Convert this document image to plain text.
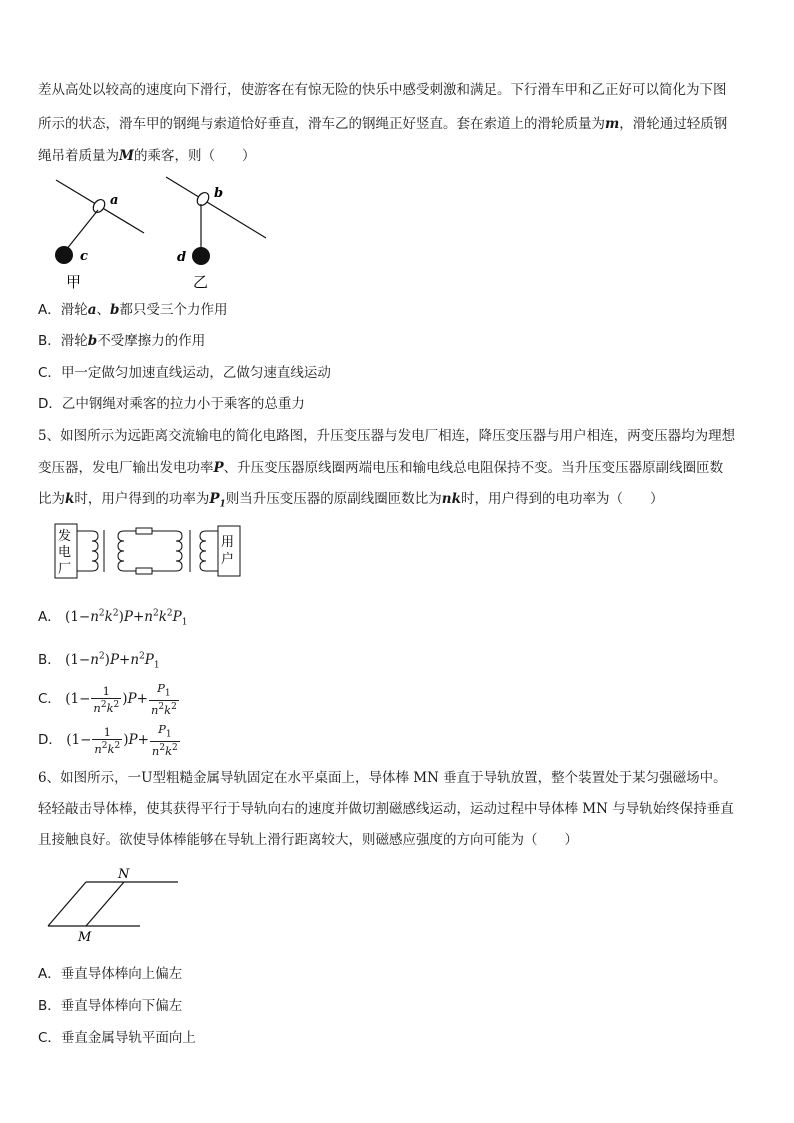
差从高处以较高的速度向下滑行，使游客在有惊无险的快乐中感受刺激和满足。下行滑车甲和乙正好可以简化为下图
所示的状态，滑车甲的钢绳与索道恰好垂直，滑车乙的钢绳正好竖直。套在索道上的滑轮质量为m，滑轮通过轻质钢
绳吊着质量为M的乘客，则（　　）
a
c
甲
b
d
乙
A．滑轮a、b都只受三个力作用
B．滑轮b不受摩擦力的作用
C．甲一定做匀加速直线运动，乙做匀速直线运动
D．乙中钢绳对乘客的拉力小于乘客的总重力
5、如图所示为远距离交流输电的简化电路图，升压变压器与发电厂相连，降压变压器与用户相连，两变压器均为理想
变压器，发电厂输出发电功率P、升压变压器原线圈两端电压和输电线总电阻保持不变。当升压变压器原副线圈匝数
比为k时，用户得到的功率为$P_1$则当升压变压器的原副线圈匝数比为nk时，用户得到的电功率为（　　）
发
电
厂
用
户
A． $(1-n^2k^2)P+n^2k^2P_1$
B． $(1-n^2)P+n^2P_1$
C． $(1- \frac{1}{n^2k^2} )P+ \frac{P_1}{n^2k^2}$
D． $(1- \frac{1}{n^2k^2} )P+ \frac{P_1}{n^2k^2}$
6、如图所示，一U型粗糙金属导轨固定在水平桌面上，导体棒 MN 垂直于导轨放置，整个装置处于某匀强磁场中。
轻轻敲击导体棒，使其获得平行于导轨向右的速度并做切割磁感线运动，运动过程中导体棒 MN 与导轨始终保持垂直
且接触良好。欲使导体棒能够在导轨上滑行距离较大，则磁感应强度的方向可能为（　　）
N
M
A．垂直导体棒向上偏左
B．垂直导体棒向下偏左
C．垂直金属导轨平面向上
